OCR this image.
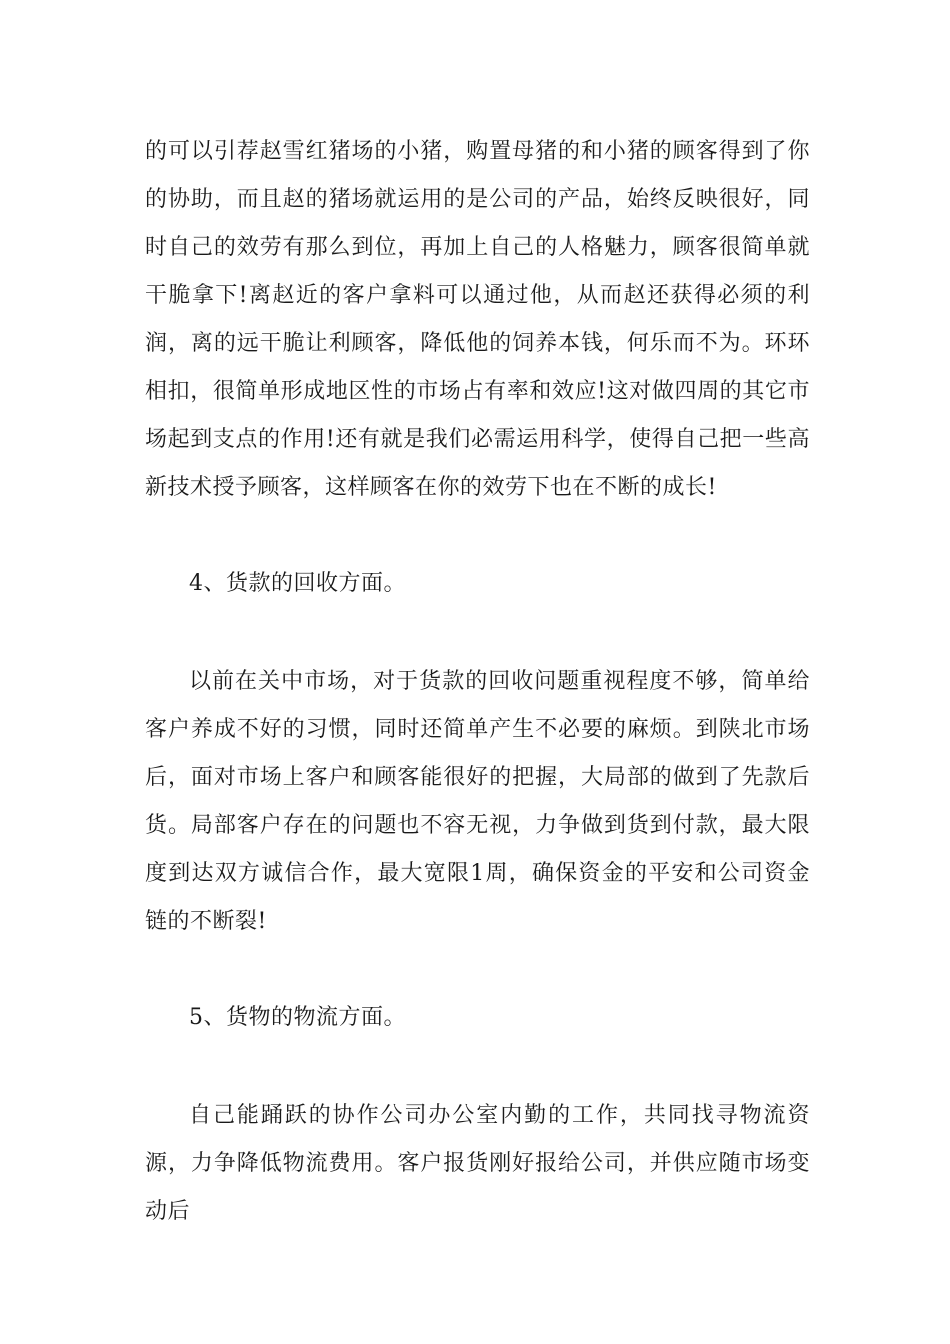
的可以引荐赵雪红猪场的小猪，购置母猪的和小猪的顾客得到了你的协助，而且赵的猪场就运用的是公司的产品，始终反映很好，同时自己的效劳有那么到位，再加上自己的人格魅力，顾客很简单就干脆拿下!离赵近的客户拿料可以通过他，从而赵还获得必须的利润，离的远干脆让利顾客，降低他的饲养本钱，何乐而不为。环环相扣，很简单形成地区性的市场占有率和效应!这对做四周的其它市场起到支点的作用!还有就是我们必需运用科学，使得自己把一些高新技术授予顾客，这样顾客在你的效劳下也在不断的成长!

4、货款的回收方面。

以前在关中市场，对于货款的回收问题重视程度不够，简单给客户养成不好的习惯，同时还简单产生不必要的麻烦。到陕北市场后，面对市场上客户和顾客能很好的把握，大局部的做到了先款后货。局部客户存在的问题也不容无视，力争做到货到付款，最大限度到达双方诚信合作，最大宽限1周，确保资金的平安和公司资金链的不断裂!

5、货物的物流方面。

自己能踊跃的协作公司办公室内勤的工作，共同找寻物流资源，力争降低物流费用。客户报货刚好报给公司，并供应随市场变动后
